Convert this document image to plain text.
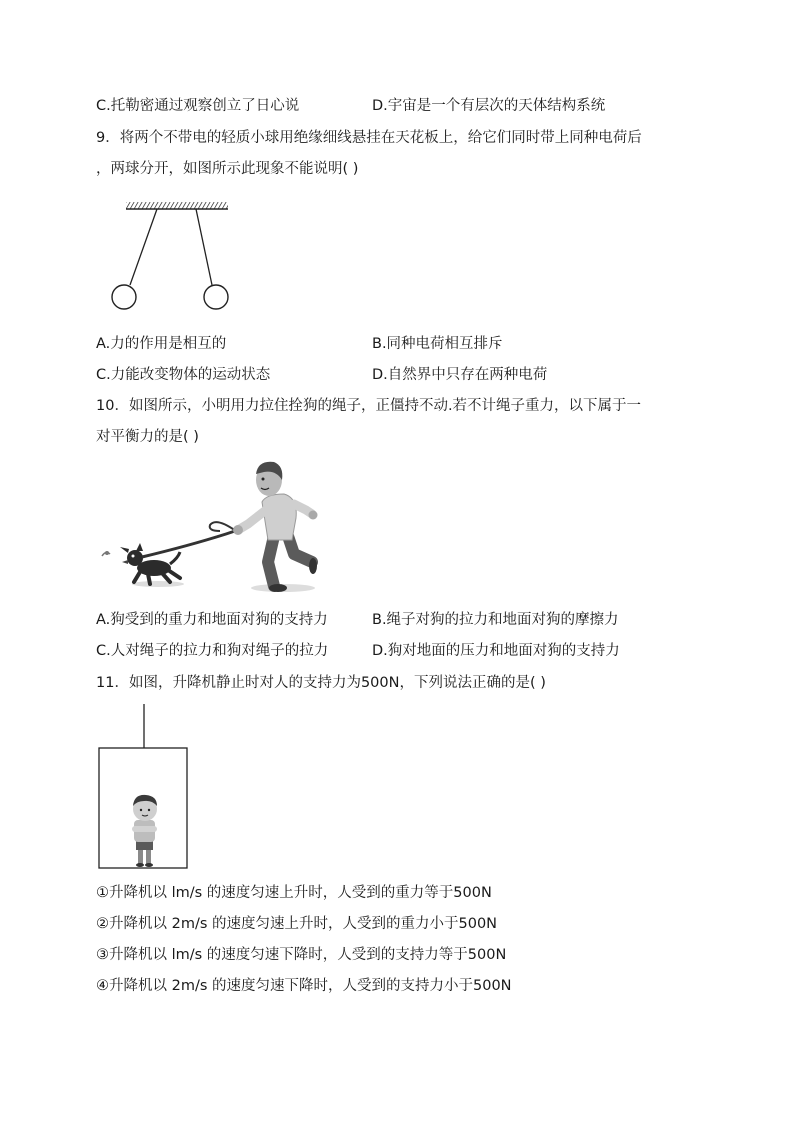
C.托勒密通过观察创立了日心说	D.宇宙是一个有层次的天体结构系统
9．将两个不带电的轻质小球用绝缘细线悬挂在天花板上，给它们同时带上同种电荷后
，两球分开，如图所示此现象不能说明( )
A.力的作用是相互的	B.同种电荷相互排斥
C.力能改变物体的运动状态	D.自然界中只存在两种电荷
10．如图所示，小明用力拉住拴狗的绳子，正僵持不动.若不计绳子重力，以下属于一
对平衡力的是( )
A.狗受到的重力和地面对狗的支持力	B.绳子对狗的拉力和地面对狗的摩擦力
C.人对绳子的拉力和狗对绳子的拉力	D.狗对地面的压力和地面对狗的支持力
11．如图，升降机静止时对人的支持力为500N，下列说法正确的是( )
①升降机以 lm/s 的速度匀速上升时，人受到的重力等于500N
②升降机以 2m/s 的速度匀速上升时，人受到的重力小于500N
③升降机以 lm/s 的速度匀速下降时，人受到的支持力等于500N
④升降机以 2m/s 的速度匀速下降时，人受到的支持力小于500N
